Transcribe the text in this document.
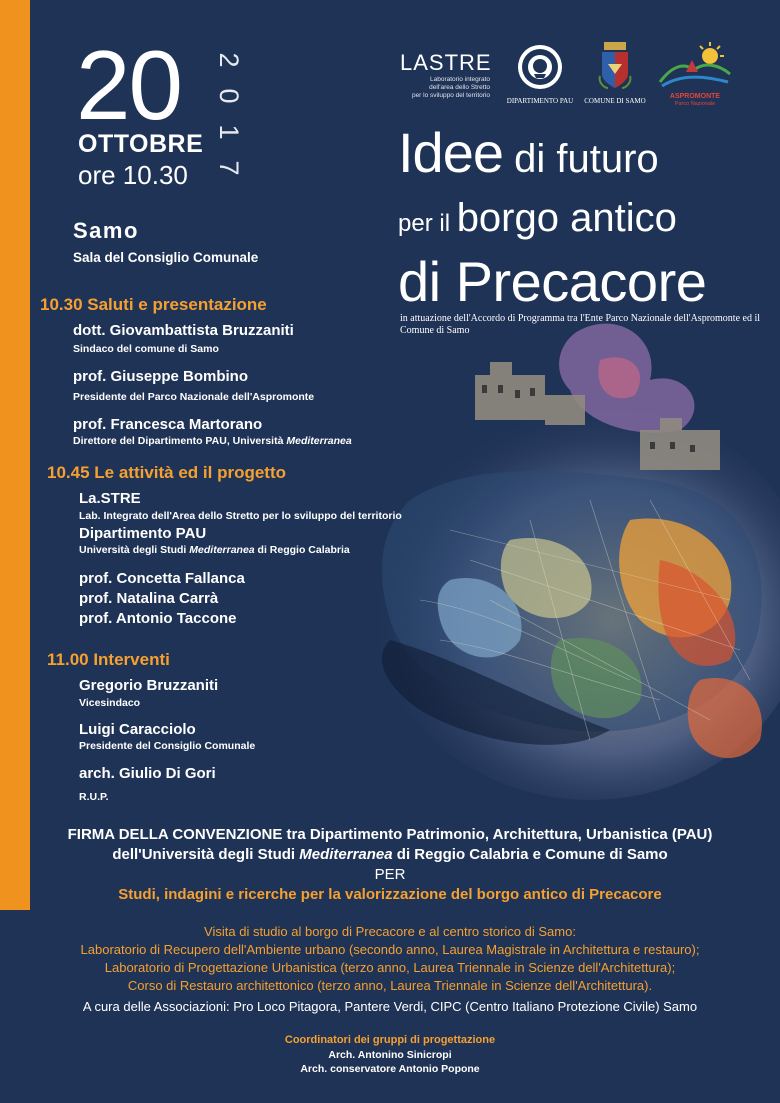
20
OTTOBRE
ore 10.30
2
0
1
7
Samo
Sala del Consiglio Comunale
LASTRE
Laboratorio integrato
dell'area dello Stretto
per lo sviluppo del territorio
DIPARTIMENTO PAU	COMUNE DI SAMO
ASPROMONTE
Parco Nazionale
Idee di futuro
per il borgo antico
di Precacore
in attuazione dell'Accordo di Programma tra l'Ente Parco Nazionale dell'Aspromonte ed il Comune di Samo
10.30 Saluti e presentazione
dott. Giovambattista Bruzzaniti
Sindaco del comune di Samo
prof. Giuseppe Bombino
Presidente del Parco Nazionale dell'Aspromonte
prof. Francesca Martorano
Direttore del Dipartimento PAU, Università Mediterranea
10.45 Le attività ed il progetto
La.STRE
Lab. Integrato dell'Area dello Stretto per lo sviluppo del territorio
Dipartimento PAU
Università degli Studi Mediterranea di Reggio Calabria
prof. Concetta Fallanca
prof. Natalina Carrà
prof. Antonio Taccone
11.00 Interventi
Gregorio Bruzzaniti
Vicesindaco
Luigi Caracciolo
Presidente del Consiglio Comunale
arch. Giulio Di Gori
R.U.P.
FIRMA DELLA CONVENZIONE tra Dipartimento Patrimonio, Architettura, Urbanistica (PAU)
dell'Università degli Studi Mediterranea di Reggio Calabria e Comune di Samo
PER
Studi, indagini e ricerche per la valorizzazione del borgo antico di Precacore
Visita di studio al borgo di Precacore e al centro storico di Samo:
Laboratorio di Recupero dell'Ambiente urbano (secondo anno, Laurea Magistrale in Architettura e restauro);
Laboratorio di Progettazione Urbanistica (terzo anno, Laurea Triennale in Scienze dell'Architettura);
Corso di Restauro architettonico (terzo anno, Laurea Triennale in Scienze dell'Architettura).
A cura delle Associazioni: Pro Loco Pitagora, Pantere Verdi, CIPC (Centro Italiano Protezione Civile) Samo
Coordinatori dei gruppi di progettazione
Arch. Antonino Sinicropi
Arch. conservatore Antonio Popone
